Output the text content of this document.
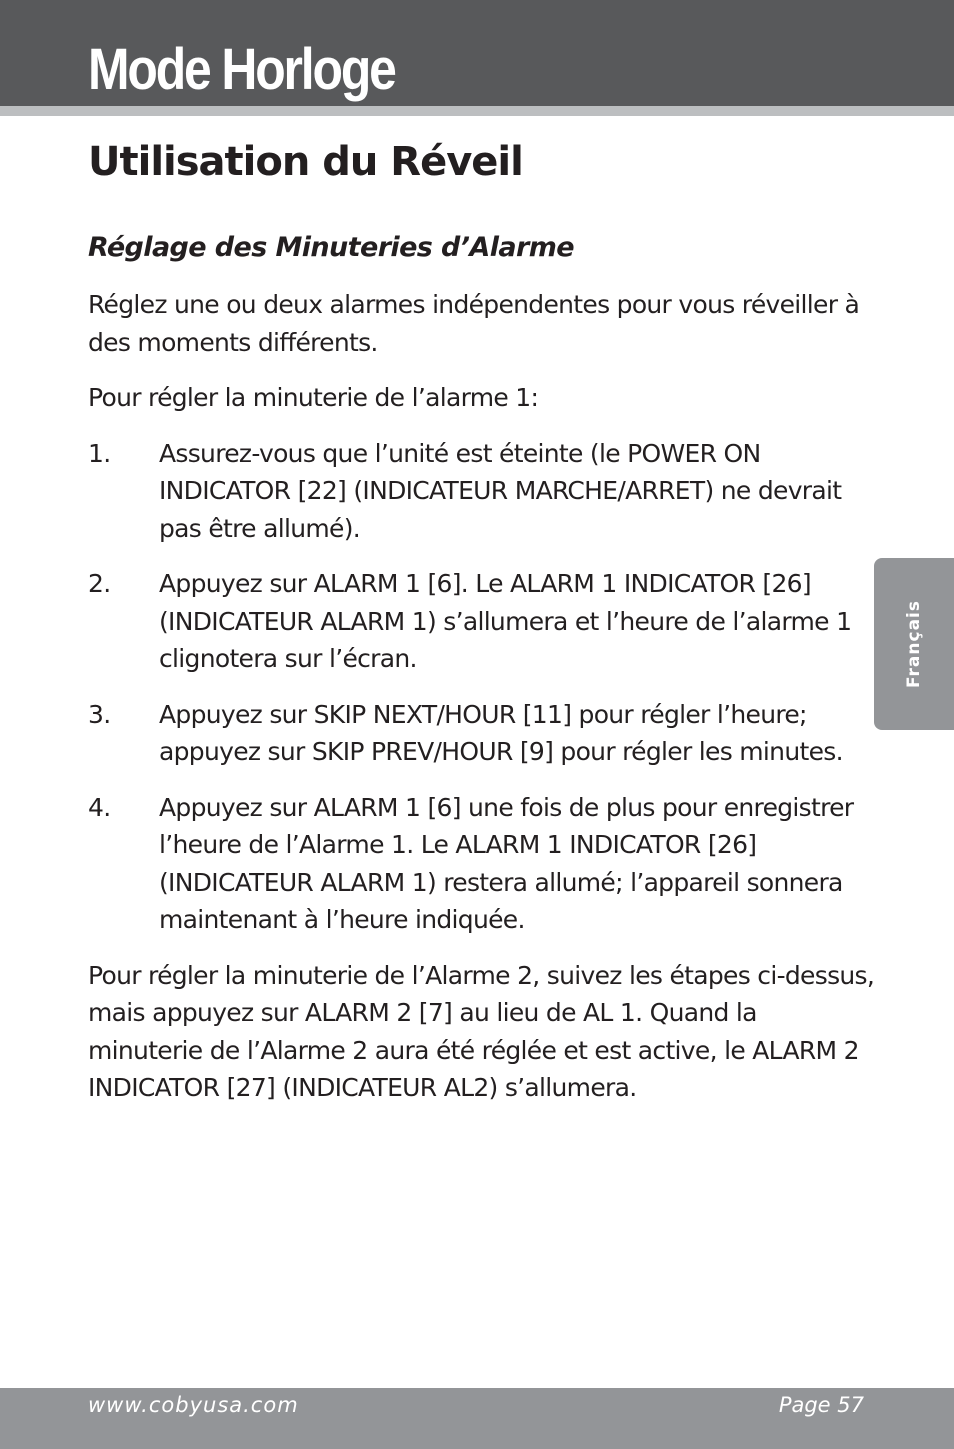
Mode Horloge
Utilisation du Réveil
Réglage des Minuteries d’Alarme

Réglez une ou deux alarmes indépendentes pour vous réveiller à des moments différents.

Pour régler la minuterie de l’alarme 1:

1.	Assurez-vous que l’unité est éteinte (le POWER ON INDICATOR [22] (INDICATEUR MARCHE/ARRET) ne devrait pas être allumé).
2.	Appuyez sur ALARM 1 [6]. Le ALARM 1 INDICATOR [26] (INDICATEUR ALARM 1) s’allumera et l’heure de l’alarme 1 clignotera sur l’écran.
3.	Appuyez sur SKIP NEXT/HOUR [11] pour régler l’heure; appuyez sur SKIP PREV/HOUR [9] pour régler les minutes.
4.	Appuyez sur ALARM 1 [6] une fois de plus pour enregistrer l’heure de l’Alarme 1. Le ALARM 1 INDICATOR [26] (INDICATEUR ALARM 1) restera allumé; l’appareil sonnera maintenant à l’heure indiquée.

Pour régler la minuterie de l’Alarme 2, suivez les étapes ci-dessus, mais appuyez sur ALARM 2 [7] au lieu de AL 1. Quand la minuterie de l’Alarme 2 aura été réglée et est active, le ALARM 2 INDICATOR [27] (INDICATEUR AL2) s’allumera.

Français
www.cobyusa.com	Page 57
